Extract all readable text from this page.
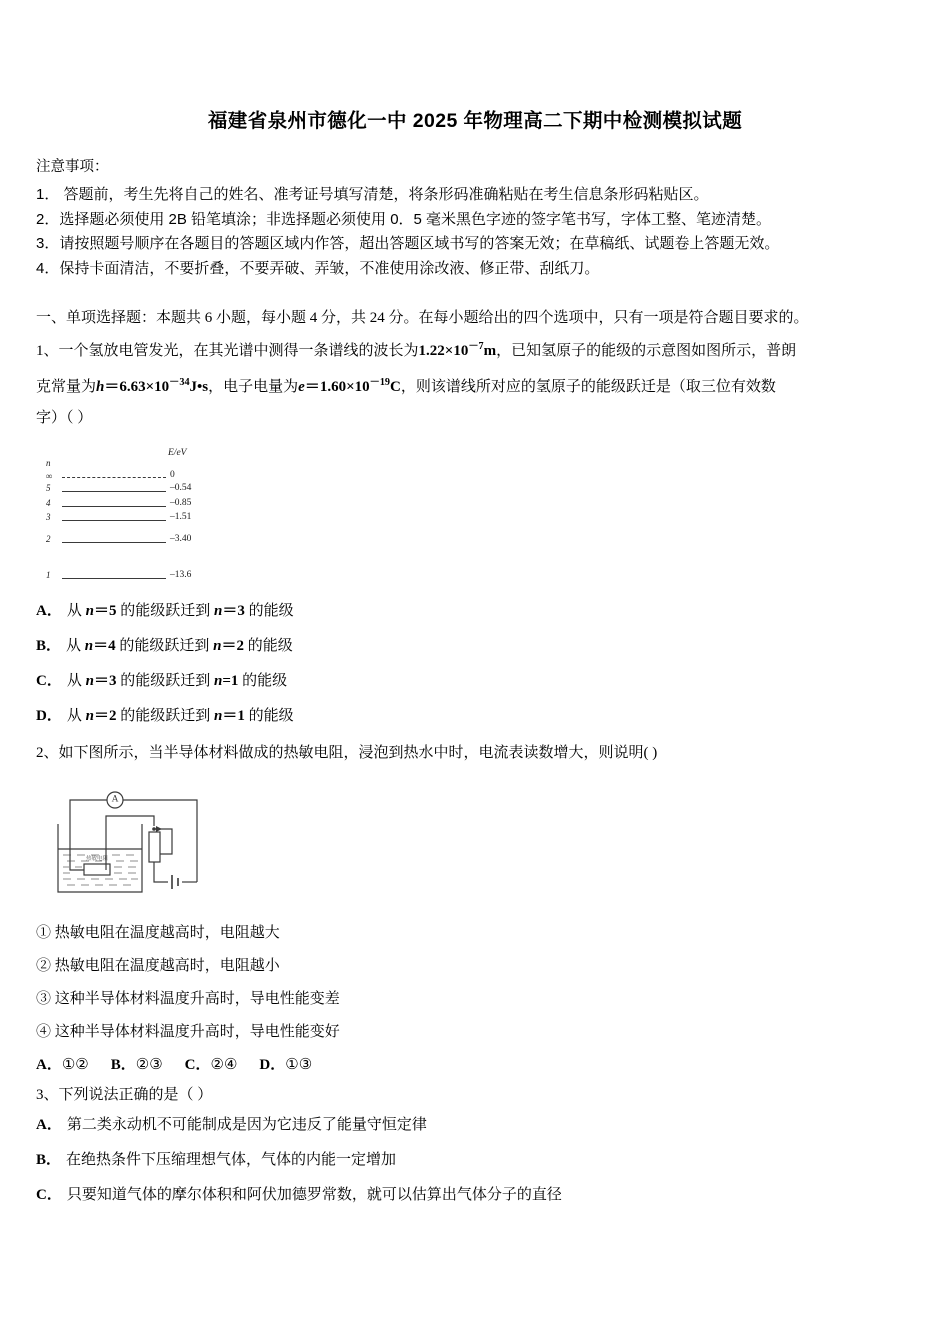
福建省泉州市德化一中 2025 年物理高二下期中检测模拟试题
注意事项：
1． 答题前，考生先将自己的姓名、准考证号填写清楚，将条形码准确粘贴在考生信息条形码粘贴区。
2．选择题必须使用 2B 铅笔填涂；非选择题必须使用 0．5 毫米黑色字迹的签字笔书写，字体工整、笔迹清楚。
3．请按照题号顺序在各题目的答题区域内作答，超出答题区域书写的答案无效；在草稿纸、试题卷上答题无效。
4．保持卡面清洁，不要折叠，不要弄破、弄皱，不准使用涂改液、修正带、刮纸刀。
一、单项选择题：本题共 6 小题，每小题 4 分，共 24 分。在每小题给出的四个选项中，只有一项是符合题目要求的。
1、一个氢放电管发光，在其光谱中测得一条谱线的波长为$1.22\times 10^{-7}m$，已知氢原子的能级的示意图如图所示，普朗
克常量为$h=6.63\times 10^{-34}J•s$，电子电量为$e=1.60\times 10^{-19}C$，则该谱线所对应的氢原子的能级跃迁是（取三位有效数
字）（ ）
n
E/eV
∞	0
5	–0.54
4	–0.85
3	–1.51
2	–3.40
1	–13.6
A． 从 n＝5 的能级跃迁到 n＝3 的能级
B． 从 n＝4 的能级跃迁到 n＝2 的能级
C． 从 n＝3 的能级跃迁到 n=1 的能级
D． 从 n＝2 的能级跃迁到 n＝1 的能级
2、如下图所示，当半导体材料做成的热敏电阻，浸泡到热水中时，电流表读数增大，则说明( )
A
热敏电阻
① 热敏电阻在温度越高时，电阻越大
② 热敏电阻在温度越高时，电阻越小
③ 这种半导体材料温度升高时，导电性能变差
④ 这种半导体材料温度升高时，导电性能变好
A．①② B．②③ C．②④ D．①③
3、下列说法正确的是（ ）
A． 第二类永动机不可能制成是因为它违反了能量守恒定律
B． 在绝热条件下压缩理想气体，气体的内能一定增加
C． 只要知道气体的摩尔体积和阿伏加德罗常数，就可以估算出气体分子的直径
